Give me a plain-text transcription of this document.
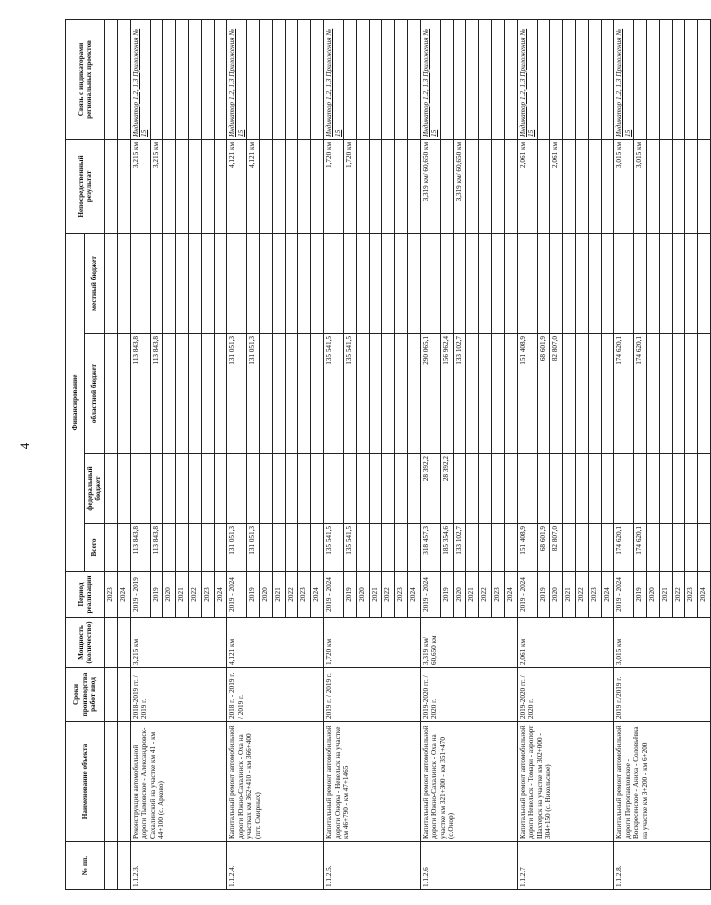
4
№ пп.	Наименование объекта	Сроки производства работ ввод	Мощность (количество)	Период реализации	Финансирование				Непосредственный результат	Связь с индикаторами региональных проектов
					Всего	федеральный бюджет	областной бюджет	местный бюджет		
				2023						
				2024						
1.1.2.3.	Реконструкция автомобильной дороги Тымовское - Александровск-Сахалинский на участке км 41 - км 44+100 (с. Арково)	2018-2019 гг. / 2019 г.	3,215 км	2019 - 2019	113 843,8		113 843,8		3,215 км	Индикатор 1.2, 1.3 Приложения № 15
				2019	113 843,8		113 843,8		3,215 км	
				2020						
				2021						
				2022						
				2023						
				2024						
1.1.2.4.	Капитальный ремонт автомобильной дороги Южно-Сахалинск - Оха на участках км 362+410 - км 366+400 (пгт. Смирных)	2018 г. - 2019 г. / 2019 г.	4,121 км	2019 - 2024	131 051,3		131 051,3		4,121 км	Индикатор 1.2, 1.3 Приложения № 15
				2019	131 051,3		131 051,3		4,121 км	
				2020						
				2021						
				2022						
				2023						
				2024						
1.1.2.5.	Капитальный ремонт автомобильной дороги Оноры - Невельск на участке км 46+790 - км 47+1465	2019 г. / 2019 г.	1,720 км	2019 - 2024	135 541,5		135 541,5		1,720 км	Индикатор 1.2, 1.3 Приложения № 15
				2019	135 541,5		135 541,5		1,720 км	
				2020						
				2021						
				2022						
				2023						
				2024						
1.1.2.6	Капитальный ремонт автомобильной дороги Южно-Сахалинск - Оха на участке км 321+300 - км 351+470 (с.Онор)	2019-2020 гг. / 2020 г.	3,319 км/ 60,650 км	2019 - 2024	318 457,3	28 392,2	290 065,1		3,319 км/ 60,650 км	Индикатор 1.2, 1.3 Приложения № 15
				2019	185 354,6	28 392,2	156 962,4			
				2020	133 102,7		133 102,7		3,319 км/ 60,650 км	
				2021						
				2022						
				2023						
				2024						
1.1.2.7	Капитальный ремонт автомобильной дороги Невельск - Томари - аэропорт Шахтерск на участке км 302+000 - 304+150 (с. Никольское)	2019-2020 гг. / 2020 г.	2,061 км	2019 - 2024	151 408,9		151 408,9		2,061 км	Индикатор 1.2, 1.3 Приложения № 15
				2019	68 601,9		68 601,9			
				2020	82 807,0		82 807,0		2,061 км	
				2021						
				2022						
				2023						
				2024						
1.1.2.8.	Капитальный ремонт автомобильной дороги Петропавловское - Воскресенское - Аниха - Соловьёвка на участке км 3+200 - км 6+200	2019 г./2019 г.	3,015 км	2019 - 2024	174 620,1		174 620,1		3,015 км	Индикатор 1.2, 1.3 Приложения № 15
				2019	174 620,1		174 620,1		3,015 км	
				2020						
				2021						
				2022						
				2023						
				2024						
